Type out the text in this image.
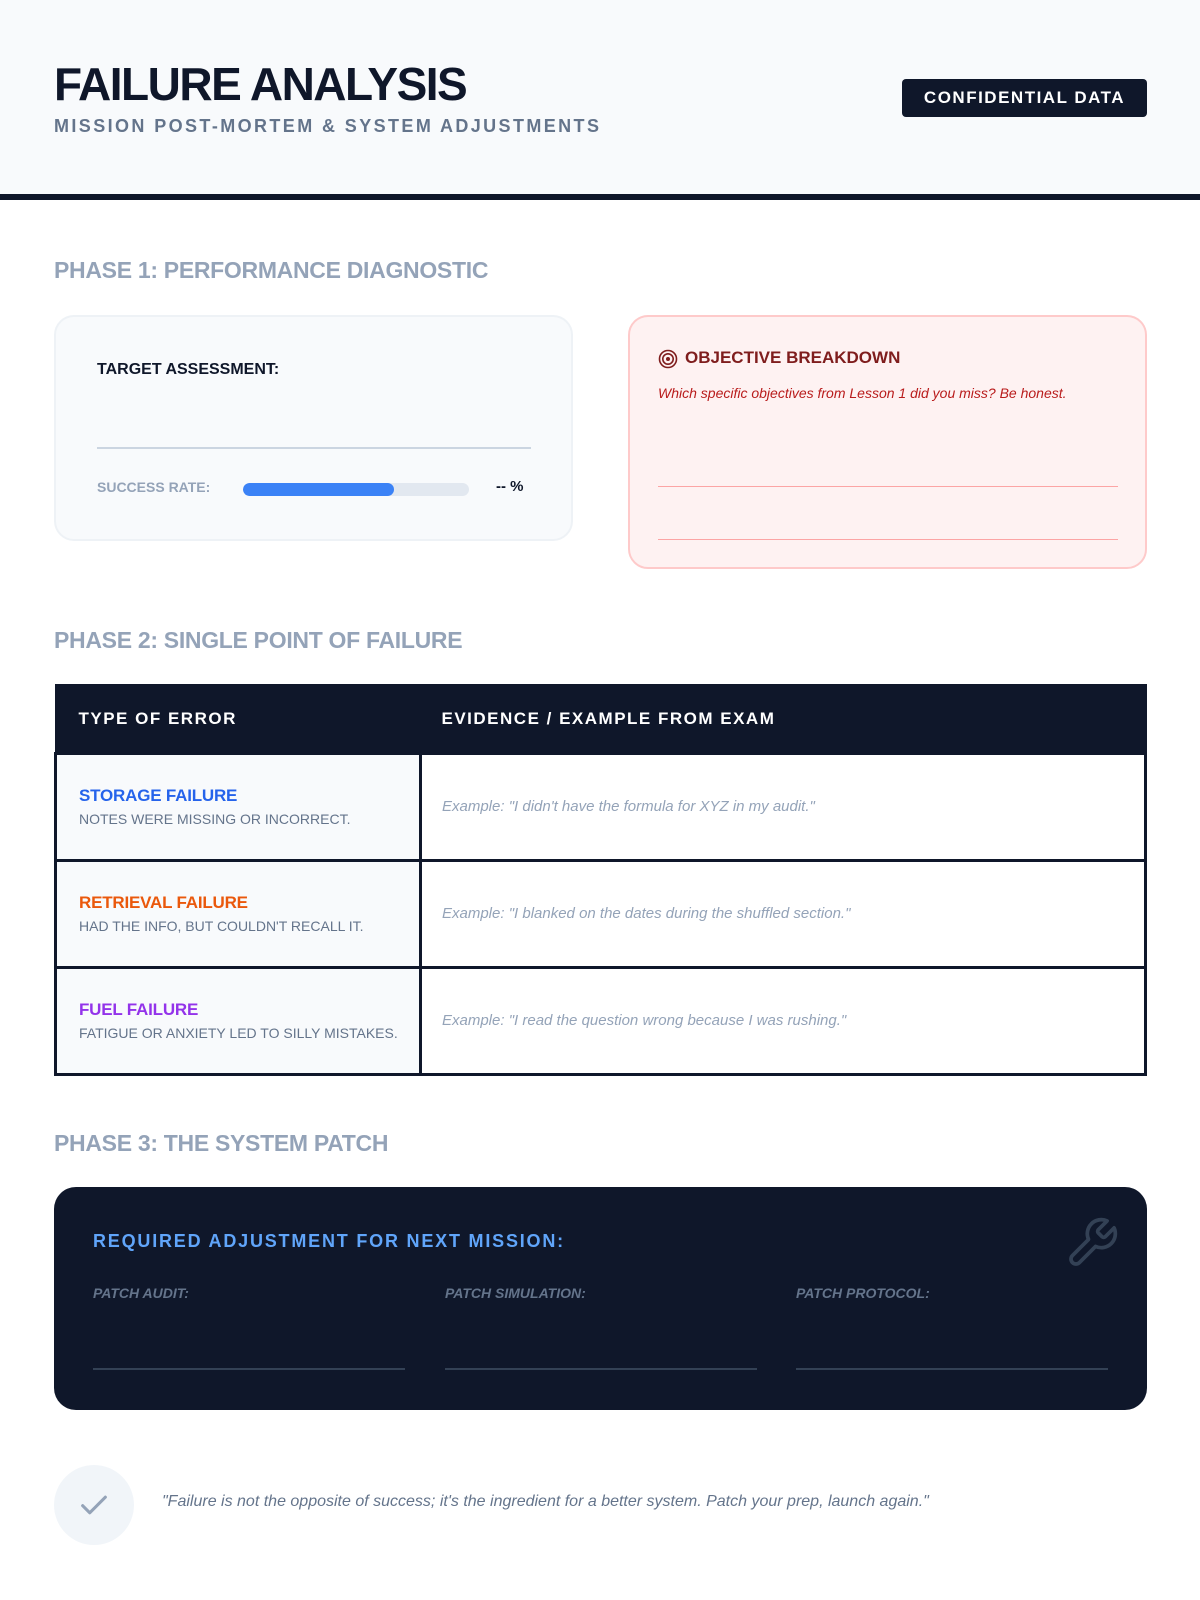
FAILURE ANALYSIS
MISSION POST-MORTEM & SYSTEM ADJUSTMENTS
CONFIDENTIAL DATA
PHASE 1: PERFORMANCE DIAGNOSTIC
TARGET ASSESSMENT:
SUCCESS RATE:	-- %
OBJECTIVE BREAKDOWN
Which specific objectives from Lesson 1 did you miss? Be honest.
PHASE 2: SINGLE POINT OF FAILURE
TYPE OF ERROR	EVIDENCE / EXAMPLE FROM EXAM

STORAGE FAILURE
NOTES WERE MISSING OR INCORRECT.	Example: "I didn't have the formula for XYZ in my audit."

RETRIEVAL FAILURE
HAD THE INFO, BUT COULDN'T RECALL IT.	Example: "I blanked on the dates during the shuffled section."

FUEL FAILURE
FATIGUE OR ANXIETY LED TO SILLY MISTAKES.	Example: "I read the question wrong because I was rushing."
PHASE 3: THE SYSTEM PATCH
REQUIRED ADJUSTMENT FOR NEXT MISSION:
PATCH AUDIT:	PATCH SIMULATION:	PATCH PROTOCOL:
"Failure is not the opposite of success; it's the ingredient for a better system. Patch your prep, launch again."
